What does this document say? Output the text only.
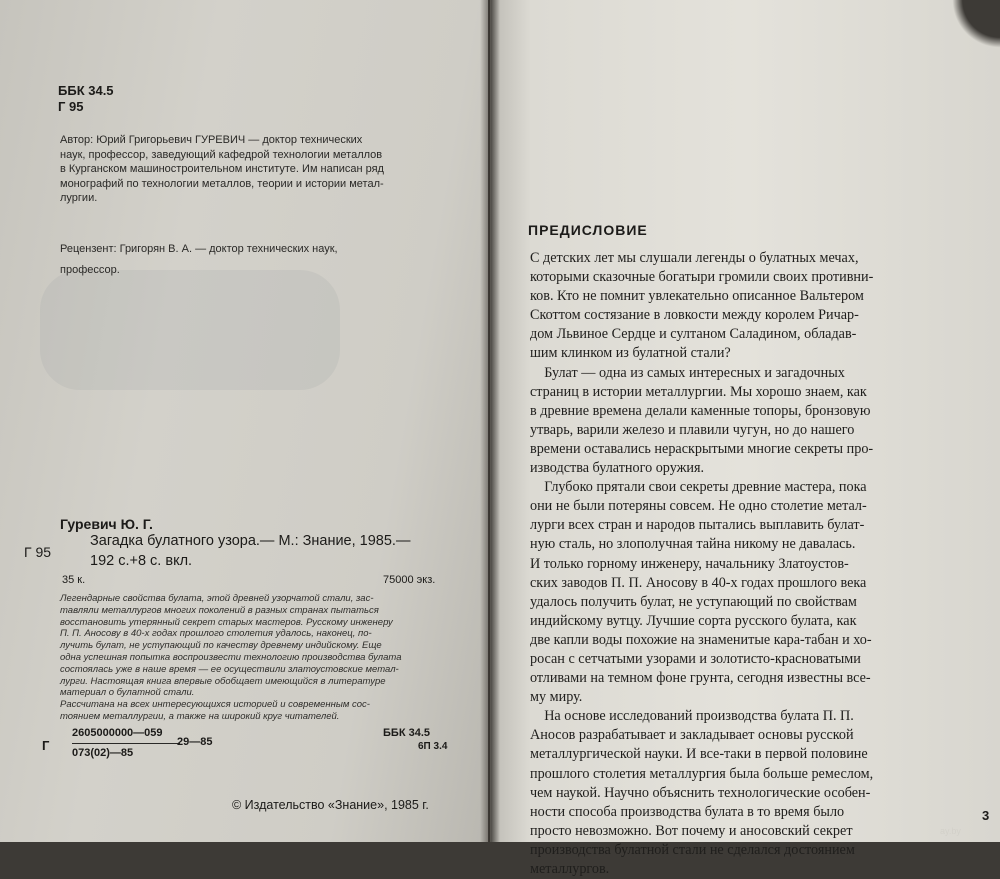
ББК 34.5
Г 95
Автор: Юрий Григорьевич ГУРЕВИЧ — доктор технических
наук, профессор, заведующий кафедрой технологии металлов
в Курганском машиностроительном институте. Им написан ряд
монографий по технологии металлов, теории и истории метал-
лургии.
Рецензент: Григорян В. А. — доктор технических наук,
профессор.
Гуревич Ю. Г.
Г 95
Загадка булатного узора.— М.: Знание, 1985.—
192 с.+8 с. вкл.
35 к.	75000 экз.
Легендарные свойства булата, этой древней узорчатой стали, зас-
тавляли металлургов многих поколений в разных странах пытаться
восстановить утерянный секрет старых мастеров. Русскому инженеру
П. П. Аносову в 40-х годах прошлого столетия удалось, наконец, по-
лучить булат, не уступающий по качеству древнему индийскому. Еще
одна успешная попытка воспроизвести технологию производства булата
состоялась уже в наше время — ее осуществили златоустовские метал-
лурги. Настоящая книга впервые обобщает имеющийся в литературе
материал о булатной стали.
Рассчитана на всех интересующихся историей и современным сос-
тоянием металлургии, а также на широкий круг читателей.
Г
2605000000—059
073(02)—85
29—85
ББК 34.5
6П 3.4
© Издательство «Знание», 1985 г.
ПРЕДИСЛОВИЕ
С детских лет мы слушали легенды о булатных мечах,
которыми сказочные богатыри громили своих противни-
ков. Кто не помнит увлекательно описанное Вальтером
Скоттом состязание в ловкости между королем Ричар-
дом Львиное Сердце и султаном Саладином, обладав-
шим клинком из булатной стали?
Булат — одна из самых интересных и загадочных
страниц в истории металлургии. Мы хорошо знаем, как
в древние времена делали каменные топоры, бронзовую
утварь, варили железо и плавили чугун, но до нашего
времени оставались нераскрытыми многие секреты про-
изводства булатного оружия.
Глубоко прятали свои секреты древние мастера, пока
они не были потеряны совсем. Не одно столетие метал-
лурги всех стран и народов пытались выплавить булат-
ную сталь, но злополучная тайна никому не давалась.
И только горному инженеру, начальнику Златоустов-
ских заводов П. П. Аносову в 40-х годах прошлого века
удалось получить булат, не уступающий по свойствам
индийскому вутцу. Лучшие сорта русского булата, как
две капли воды похожие на знаменитые кара-табан и хо-
росан с сетчатыми узорами и золотисто-красноватыми
отливами на темном фоне грунта, сегодня известны все-
му миру.
На основе исследований производства булата П. П.
Аносов разрабатывает и закладывает основы русской
металлургической науки. И все-таки в первой половине
прошлого столетия металлургия была больше ремеслом,
чем наукой. Научно объяснить технологические особен-
ности способа производства булата в то время было
просто невозможно. Вот почему и аносовский секрет
производства булатной стали не сделался достоянием
металлургов.
3
ay.by
